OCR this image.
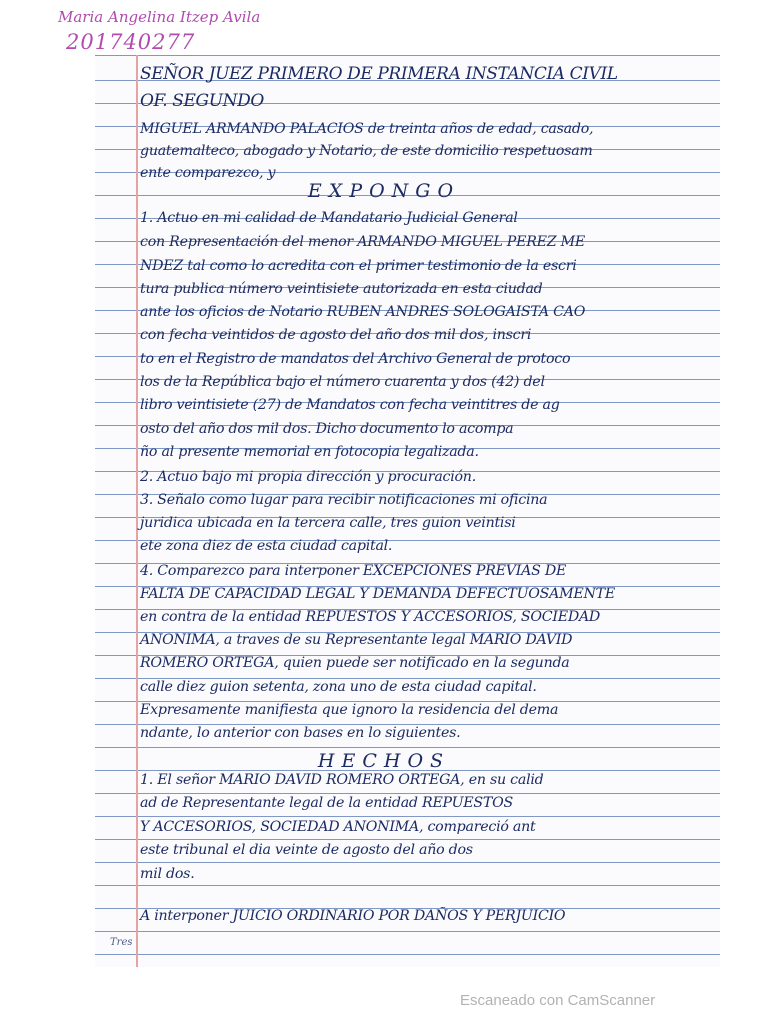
Maria Angelina Itzep Avila
201740277
SEÑOR JUEZ PRIMERO DE PRIMERA INSTANCIA CIVIL
OF. SEGUNDO
MIGUEL ARMANDO PALACIOS de treinta años de edad, casado,
guatemalteco, abogado y Notario, de este domicilio respetuosam
ente comparezco, y
1. Actuo en mi calidad de Mandatario Judicial General
con Representación del menor ARMANDO MIGUEL PEREZ ME
NDEZ tal como lo acredita con el primer testimonio de la escri
tura publica número veintisiete autorizada en esta ciudad
ante los oficios de Notario RUBEN ANDRES SOLOGAISTA CAO
con fecha veintidos de agosto del año dos mil dos, inscri
to en el Registro de mandatos del Archivo General de protoco
los de la República bajo el número cuarenta y dos (42) del
libro veintisiete (27) de Mandatos con fecha veintitres de ag
osto del año dos mil dos. Dicho documento lo acompa
ño al presente memorial en fotocopia legalizada.
2. Actuo bajo mi propia dirección y procuración.
3. Señalo como lugar para recibir notificaciones mi oficina
juridica ubicada en la tercera calle, tres guion veintisi
ete zona diez de esta ciudad capital.
4. Comparezco para interponer EXCEPCIONES PREVIAS DE
FALTA DE CAPACIDAD LEGAL Y DEMANDA DEFECTUOSAMENTE
en contra de la entidad REPUESTOS Y ACCESORIOS, SOCIEDAD
ANONIMA, a traves de su Representante legal MARIO DAVID
ROMERO ORTEGA, quien puede ser notificado en la segunda
calle diez guion setenta, zona uno de esta ciudad capital.
Expresamente manifiesta que ignoro la residencia del dema
ndante, lo anterior con bases en lo siguientes.
1. El señor MARIO DAVID ROMERO ORTEGA, en su calid
ad de Representante legal de la entidad REPUESTOS
Y ACCESORIOS, SOCIEDAD ANONIMA, compareció ant
este tribunal el dia veinte de agosto del año dos
mil dos.
A interponer JUICIO ORDINARIO POR DAÑOS Y PERJUICIO
EXPONGO
HECHOS
Tres
Escaneado con CamScanner
